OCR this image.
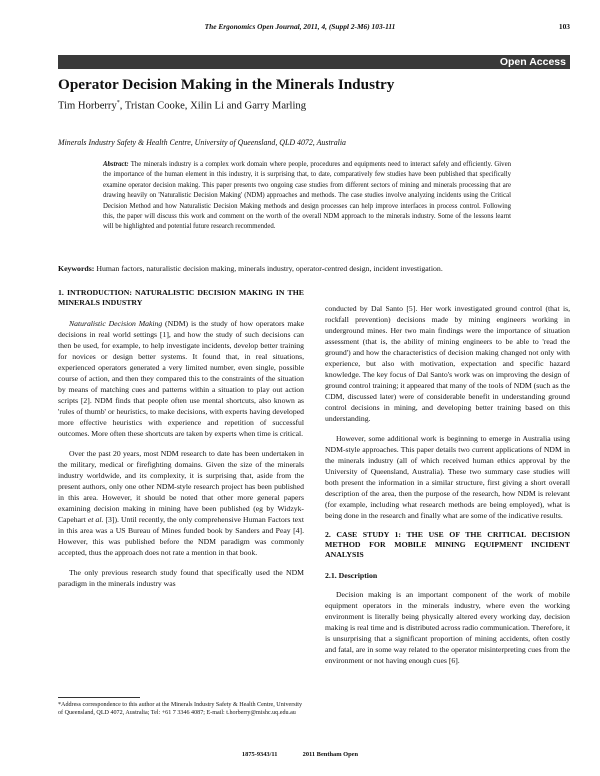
The Ergonomics Open Journal, 2011, 4, (Suppl 2-M6) 103-111	103
Open Access
Operator Decision Making in the Minerals Industry
Tim Horberry*, Tristan Cooke, Xilin Li and Garry Marling
Minerals Industry Safety & Health Centre, University of Queensland, QLD 4072, Australia
Abstract: The minerals industry is a complex work domain where people, procedures and equipments need to interact safely and efficiently. Given the importance of the human element in this industry, it is surprising that, to date, comparatively few studies have been published that specifically examine operator decision making. This paper presents two ongoing case studies from different sectors of mining and minerals processing that are drawing heavily on 'Naturalistic Decision Making' (NDM) approaches and methods. The case studies involve analyzing incidents using the Critical Decision Method and how Naturalistic Decision Making methods and design processes can help improve interfaces in process control. Following this, the paper will discuss this work and comment on the worth of the overall NDM approach to the minerals industry. Some of the lessons learnt will be highlighted and potential future research recommended.
Keywords: Human factors, naturalistic decision making, minerals industry, operator-centred design, incident investigation.
1. INTRODUCTION: NATURALISTIC DECISION MAKING IN THE MINERALS INDUSTRY

Naturalistic Decision Making (NDM) is the study of how operators make decisions in real world settings [1], and how the study of such decisions can then be used, for example, to help investigate incidents, develop better training for novices or design better systems. It found that, in real situations, experienced operators generated a very limited number, even single, possible course of action, and then they compared this to the constraints of the situation by means of matching cues and patterns within a situation to play out action scripts [2]. NDM finds that people often use mental shortcuts, also known as 'rules of thumb' or heuristics, to make decisions, with experts having developed more effective heuristics with experience and repetition of successful outcomes. More often these shortcuts are taken by experts when time is critical.

Over the past 20 years, most NDM research to date has been undertaken in the military, medical or firefighting domains. Given the size of the minerals industry worldwide, and its complexity, it is surprising that, aside from the present authors, only one other NDM-style research project has been published in this area. However, it should be noted that other more general papers examining decision making in mining have been published (eg by Widzyk-Capehart et al. [3]). Until recently, the only comprehensive Human Factors text in this area was a US Bureau of Mines funded book by Sanders and Peay [4]. However, this was published before the NDM paradigm was commonly accepted, thus the approach does not rate a mention in that book.

The only previous research study found that specifically used the NDM paradigm in the minerals industry was

conducted by Dal Santo [5]. Her work investigated ground control (that is, rockfall prevention) decisions made by mining engineers working in underground mines. Her two main findings were the importance of situation assessment (that is, the ability of mining engineers to be able to 'read the ground') and how the characteristics of decision making changed not only with experience, but also with motivation, expectation and specific hazard knowledge. The key focus of Dal Santo's work was on improving the design of ground control training; it appeared that many of the tools of NDM (such as the CDM, discussed later) were of considerable benefit in understanding ground control decisions in mining, and developing better training based on this understanding.

However, some additional work is beginning to emerge in Australia using NDM-style approaches. This paper details two current applications of NDM in the minerals industry (all of which received human ethics approval by the University of Queensland, Australia). These two summary case studies will both present the information in a similar structure, first giving a short overall description of the area, then the purpose of the research, how NDM is relevant (for example, including what research methods are being employed), what is being done in the research and finally what are some of the indicative results.

2. CASE STUDY 1: THE USE OF THE CRITICAL DECISION METHOD FOR MOBILE MINING EQUIPMENT INCIDENT ANALYSIS
2.1. Description

Decision making is an important component of the work of mobile equipment operators in the minerals industry, where even the working environment is literally being physically altered every working day, decision making is real time and is distributed across radio communication. Therefore, it is unsurprising that a significant proportion of mining accidents, often costly and fatal, are in some way related to the operator misinterpreting cues from the environment or not having enough cues [6].

*Address correspondence to this author at the Minerals Industry Safety & Health Centre, University of Queensland, QLD 4072, Australia; Tel: +61 7 3346 4087; E-mail: t.horberry@mishc.uq.edu.au
1875-9343/11	2011 Bentham Open
